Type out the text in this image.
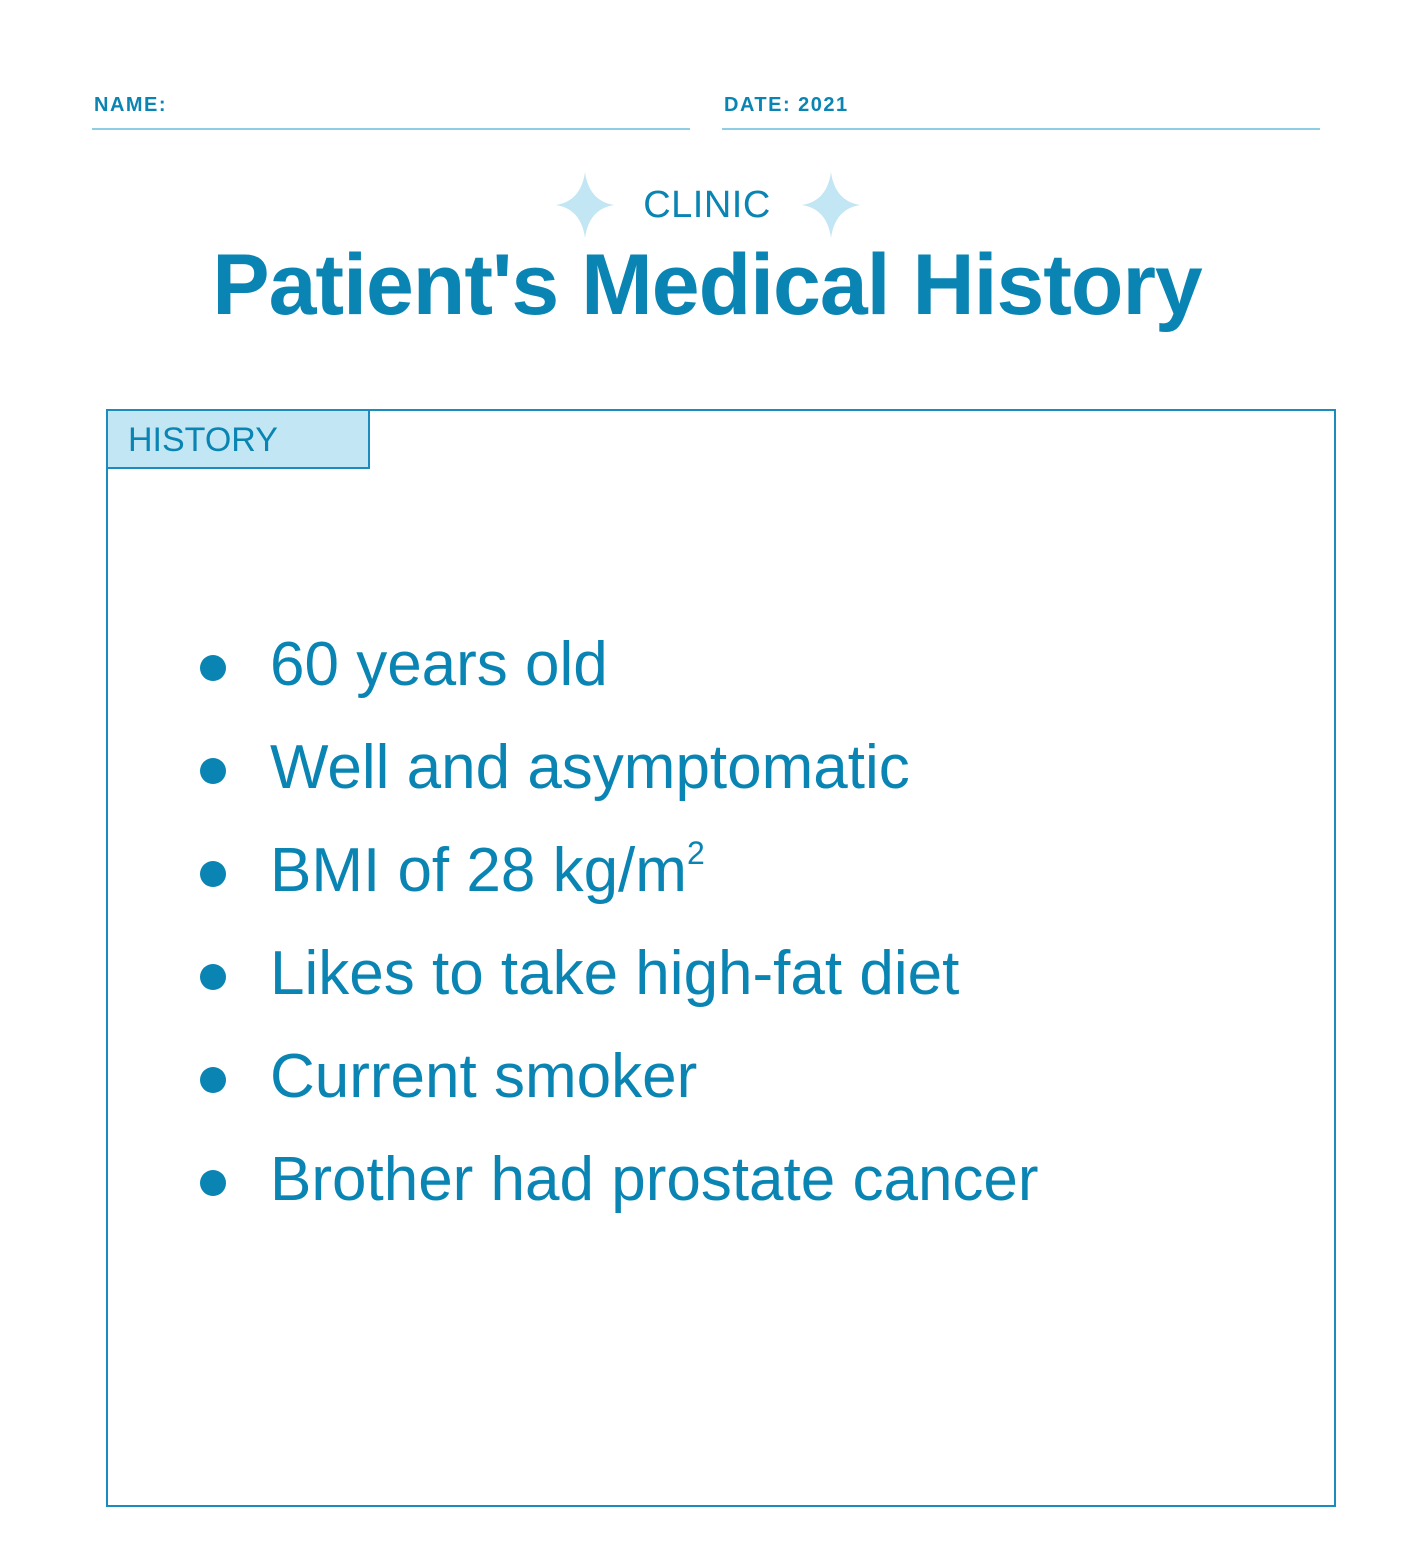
NAME:	DATE: 2021
CLINIC
Patient's Medical History
HISTORY
60 years old
Well and asymptomatic
BMI of 28 $kg/m^2$
Likes to take high-fat diet
Current smoker
Brother had prostate cancer
